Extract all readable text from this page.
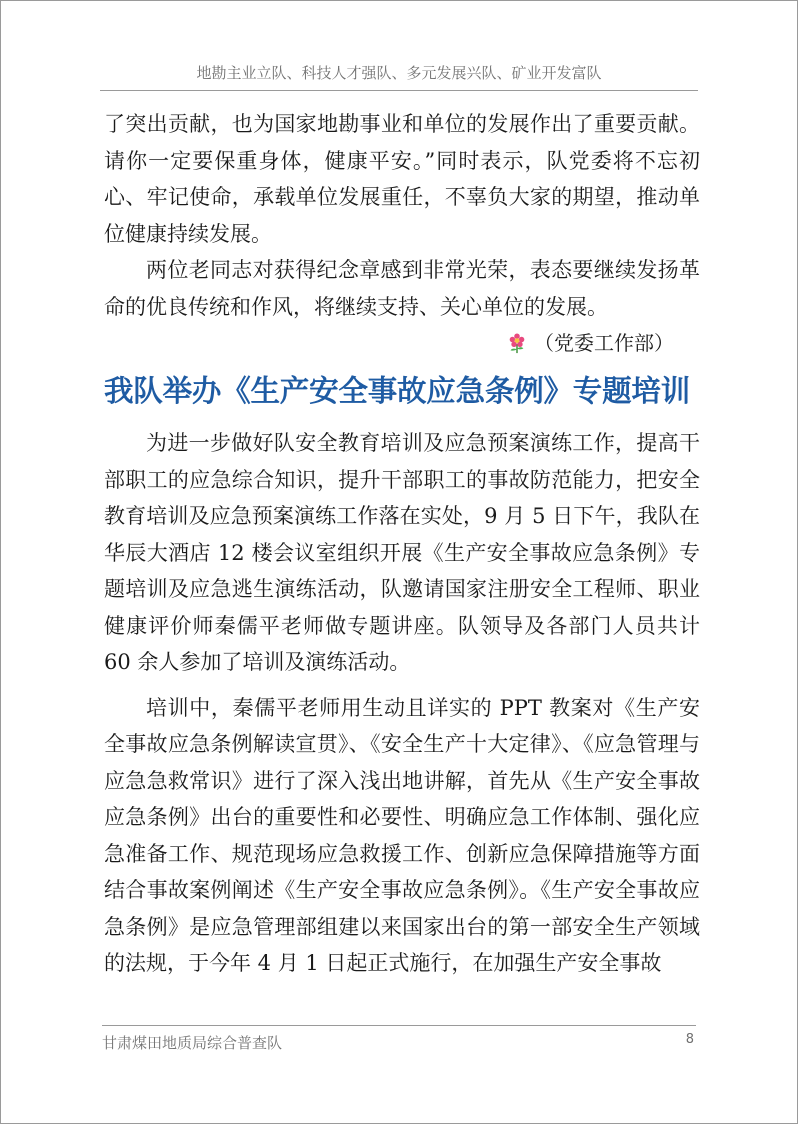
地勘主业立队、科技人才强队、多元发展兴队、矿业开发富队

了突出贡献，也为国家地勘事业和单位的发展作出了重要贡献。请你一定要保重身体，健康平安。”同时表示，队党委将不忘初心、牢记使命，承载单位发展重任，不辜负大家的期望，推动单位健康持续发展。

两位老同志对获得纪念章感到非常光荣，表态要继续发扬革命的优良传统和作风，将继续支持、关心单位的发展。

（党委工作部）
我队举办《生产安全事故应急条例》专题培训

为进一步做好队安全教育培训及应急预案演练工作，提高干部职工的应急综合知识，提升干部职工的事故防范能力，把安全教育培训及应急预案演练工作落在实处，9 月 5 日下午，我队在华辰大酒店 12 楼会议室组织开展《生产安全事故应急条例》专题培训及应急逃生演练活动，队邀请国家注册安全工程师、职业健康评价师秦儒平老师做专题讲座。队领导及各部门人员共计 60 余人参加了培训及演练活动。

培训中，秦儒平老师用生动且详实的 PPT 教案对《生产安全事故应急条例解读宣贯》、《安全生产十大定律》、《应急管理与应急急救常识》进行了深入浅出地讲解，首先从《生产安全事故应急条例》出台的重要性和必要性、明确应急工作体制、强化应急准备工作、规范现场应急救援工作、创新应急保障措施等方面结合事故案例阐述《生产安全事故应急条例》。《生产安全事故应急条例》是应急管理部组建以来国家出台的第一部安全生产领域的法规，于今年 4 月 1 日起正式施行，在加强生产安全事故

甘肃煤田地质局综合普查队	8
